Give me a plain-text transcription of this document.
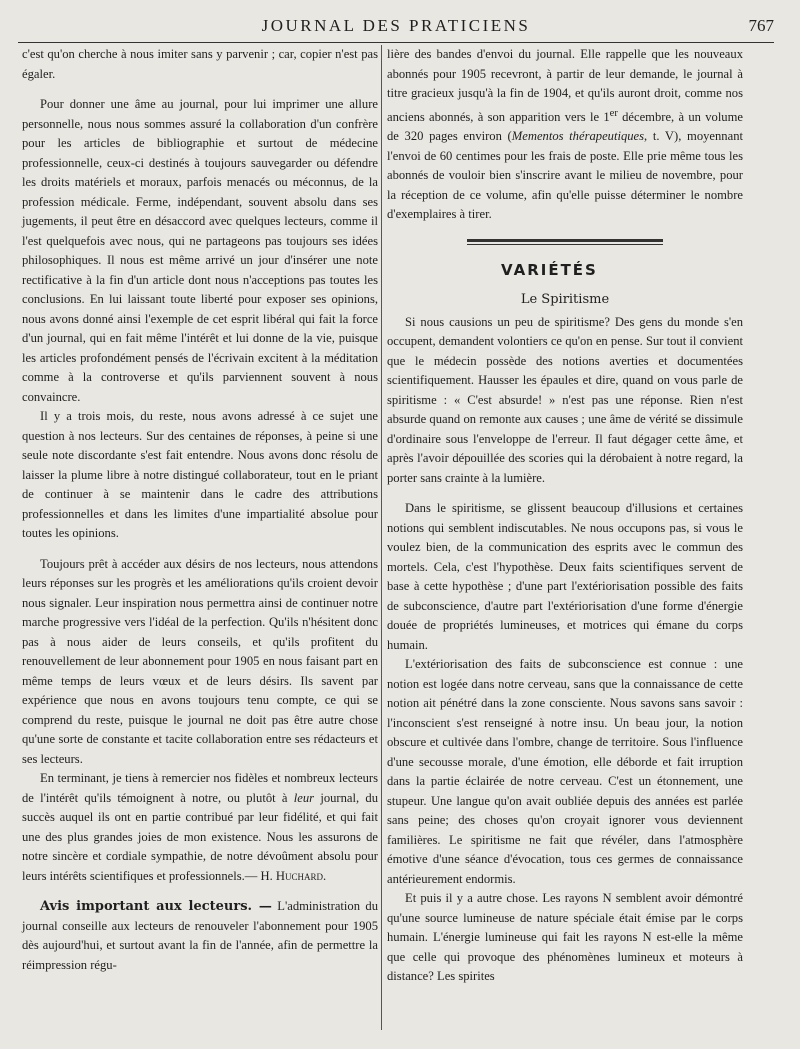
JOURNAL DES PRATICIENS	767

c'est qu'on cherche à nous imiter sans y parvenir ; car, copier n'est pas égaler.

Pour donner une âme au journal, pour lui imprimer une allure personnelle, nous nous sommes assuré la collaboration d'un confrère pour les articles de bibliographie et surtout de médecine professionnelle, ceux-ci destinés à toujours sauvegarder ou défendre les droits matériels et moraux, parfois menacés ou méconnus, de la profession médicale. Ferme, indépendant, souvent absolu dans ses jugements, il peut être en désaccord avec quelques lecteurs, comme il l'est quelquefois avec nous, qui ne partageons pas toujours ses idées philosophiques. Il nous est même arrivé un jour d'insérer une note rectificative à la fin d'un article dont nous n'acceptions pas toutes les conclusions. En lui laissant toute liberté pour exposer ses opinions, nous avons donné ainsi l'exemple de cet esprit libéral qui fait la force d'un journal, qui en fait même l'intérêt et lui donne de la vie, puisque les articles profondément pensés de l'écrivain excitent à la méditation comme à la controverse et qu'ils parviennent souvent à nous convaincre.

Il y a trois mois, du reste, nous avons adressé à ce sujet une question à nos lecteurs. Sur des centaines de réponses, à peine si une seule note discordante s'est fait entendre. Nous avons donc résolu de laisser la plume libre à notre distingué collaborateur, tout en le priant de continuer à se maintenir dans le cadre des attributions professionnelles et dans les limites d'une impartialité absolue pour toutes les opinions.

Toujours prêt à accéder aux désirs de nos lecteurs, nous attendons leurs réponses sur les progrès et les améliorations qu'ils croient devoir nous signaler. Leur inspiration nous permettra ainsi de continuer notre marche progressive vers l'idéal de la perfection. Qu'ils n'hésitent donc pas à nous aider de leurs conseils, et qu'ils profitent du renouvellement de leur abonnement pour 1905 en nous faisant part en même temps de leurs vœux et de leurs désirs. Ils savent par expérience que nous en avons toujours tenu compte, ce qui se comprend du reste, puisque le journal ne doit pas être autre chose qu'une sorte de constante et tacite collaboration entre ses rédacteurs et ses lecteurs.

En terminant, je tiens à remercier nos fidèles et nombreux lecteurs de l'intérêt qu'ils témoignent à notre, ou plutôt à leur journal, du succès auquel ils ont en partie contribué par leur fidélité, et qui fait une des plus grandes joies de mon existence. Nous les assurons de notre sincère et cordiale sympathie, de notre dévoûment absolu pour leurs intérêts scientifiques et professionnels.— H. Huchard.

Avis important aux lecteurs. — L'administration du journal conseille aux lecteurs de renouveler l'abonnement pour 1905 dès aujourd'hui, et surtout avant la fin de l'année, afin de permettre la réimpression régu-

lière des bandes d'envoi du journal. Elle rappelle que les nouveaux abonnés pour 1905 recevront, à partir de leur demande, le journal à titre gracieux jusqu'à la fin de 1904, et qu'ils auront droit, comme nos anciens abonnés, à son apparition vers le 1er décembre, à un volume de 320 pages environ (Mementos thérapeutiques, t. V), moyennant l'envoi de 60 centimes pour les frais de poste. Elle prie même tous les abonnés de vouloir bien s'inscrire avant le milieu de novembre, pour la réception de ce volume, afin qu'elle puisse déterminer le nombre d'exemplaires à tirer.

VARIÉTÉS
Le Spiritisme

Si nous causions un peu de spiritisme? Des gens du monde s'en occupent, demandent volontiers ce qu'on en pense. Sur tout il convient que le médecin possède des notions averties et documentées scientifiquement. Hausser les épaules et dire, quand on vous parle de spiritisme : « C'est absurde! » n'est pas une réponse. Rien n'est absurde quand on remonte aux causes ; une âme de vérité se dissimule d'ordinaire sous l'enveloppe de l'erreur. Il faut dégager cette âme, et après l'avoir dépouillée des scories qui la dérobaient à notre regard, la porter sans crainte à la lumière.

Dans le spiritisme, se glissent beaucoup d'illusions et certaines notions qui semblent indiscutables. Ne nous occupons pas, si vous le voulez bien, de la communication des esprits avec le commun des mortels. Cela, c'est l'hypothèse. Deux faits scientifiques servent de base à cette hypothèse ; d'une part l'extériorisation possible des faits de subconscience, d'autre part l'extériorisation d'une forme d'énergie douée de propriétés lumineuses, et motrices qui émane du corps humain.

L'extériorisation des faits de subconscience est connue : une notion est logée dans notre cerveau, sans que la connaissance de cette notion ait pénétré dans la zone consciente. Nous savons sans savoir : l'inconscient s'est renseigné à notre insu. Un beau jour, la notion obscure et cultivée dans l'ombre, change de territoire. Sous l'influence d'une secousse morale, d'une émotion, elle déborde et fait irruption dans la partie éclairée de notre cerveau. C'est un étonnement, une stupeur. Une langue qu'on avait oubliée depuis des années est parlée sans peine; des choses qu'on croyait ignorer vous deviennent familières. Le spiritisme ne fait que révéler, dans l'atmosphère émotive d'une séance d'évocation, tous ces germes de connaissance antérieurement endormis.

Et puis il y a autre chose. Les rayons N semblent avoir démontré qu'une source lumineuse de nature spéciale était émise par le corps humain. L'énergie lumineuse qui fait les rayons N est-elle la même que celle qui provoque des phénomènes lumineux et moteurs à distance? Les spirites
